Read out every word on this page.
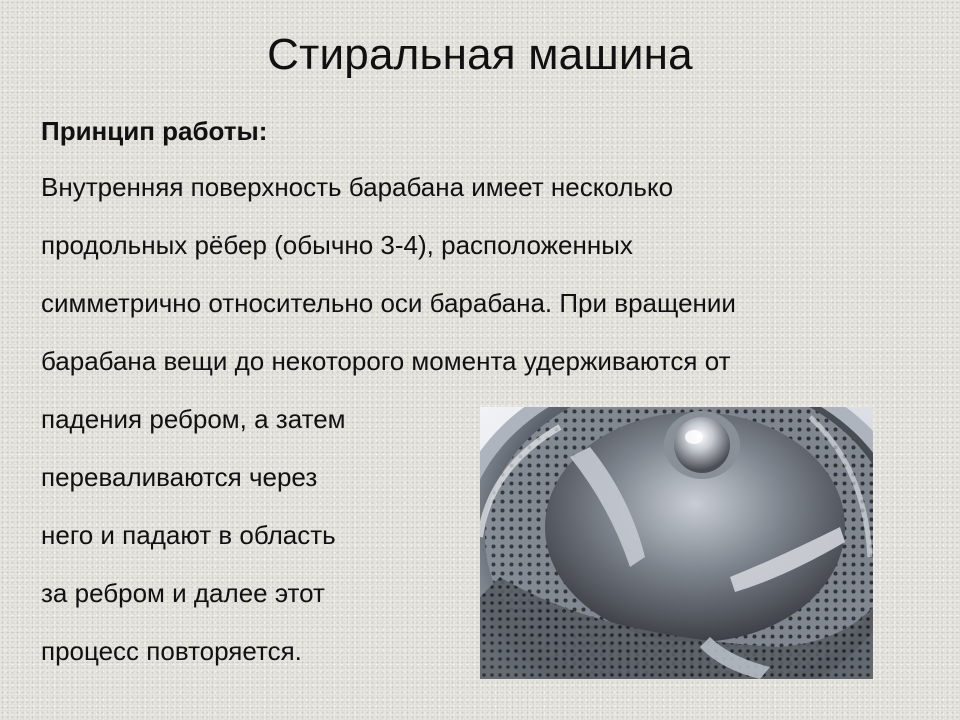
Стиральная машина

Принцип работы:

Внутренняя поверхность барабана имеет несколько

продольных рёбер (обычно 3-4), расположенных

симметрично относительно оси барабана. При вращении

барабана вещи до некоторого момента удерживаются от

падения ребром, а затем

переваливаются через

него и падают в область

за ребром и далее этот

процесс повторяется.
